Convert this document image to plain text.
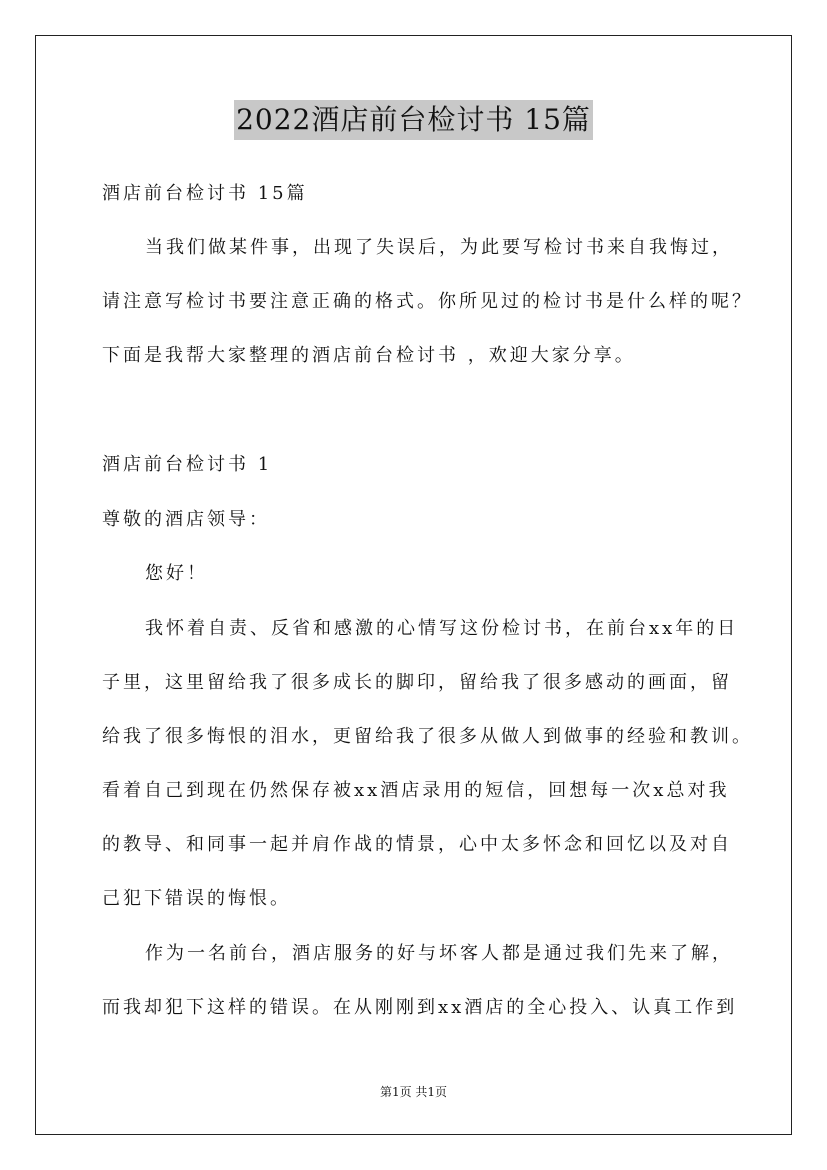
2022酒店前台检讨书 15篇
酒店前台检讨书 15篇
当我们做某件事，出现了失误后，为此要写检讨书来自我悔过，
请注意写检讨书要注意正确的格式。你所见过的检讨书是什么样的呢？
下面是我帮大家整理的酒店前台检讨书 ，欢迎大家分享。
酒店前台检讨书 1
尊敬的酒店领导：
您好！
我怀着自责、反省和感激的心情写这份检讨书，在前台xx年的日
子里，这里留给我了很多成长的脚印，留给我了很多感动的画面，留
给我了很多悔恨的泪水，更留给我了很多从做人到做事的经验和教训。
看着自己到现在仍然保存被xx酒店录用的短信，回想每一次x总对我
的教导、和同事一起并肩作战的情景，心中太多怀念和回忆以及对自
己犯下错误的悔恨。
作为一名前台，酒店服务的好与坏客人都是通过我们先来了解，
而我却犯下这样的错误。在从刚刚到xx酒店的全心投入、认真工作到
第1页 共1页
